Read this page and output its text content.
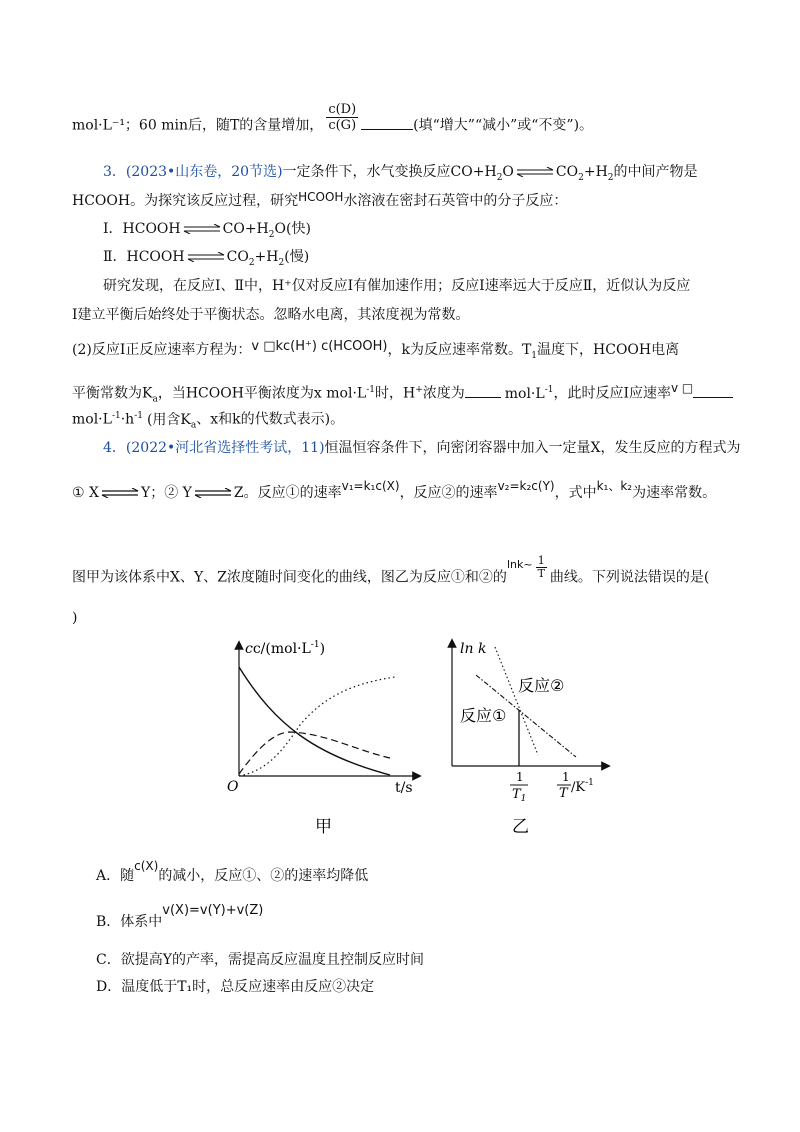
mol·L⁻¹；60 min后，随T的含量增加， $\frac{c(D)}{c(G)}$	(填“增大”“减小”或“不变”)。
3．(2023•山东卷，20节选)一定条件下，水气变换反应$CO+H_2O$ ⇌ $CO_2+H_2$的中间产物是
HCOOH。为探究该反应过程，研究HCOOH水溶液在密封石英管中的分子反应：
Ⅰ．HCOOH ⇌ $CO+H_2O$(快)
Ⅱ．HCOOH ⇌ $CO_2+H_2$(慢)
研究发现，在反应Ⅰ、Ⅱ中，H⁺仅对反应Ⅰ有催加速作用；反应Ⅰ速率远大于反应Ⅱ，近似认为反应
Ⅰ建立平衡后始终处于平衡状态。忽略水电离，其浓度视为常数。
(2)反应Ⅰ正反应速率方程为：v □kc(H⁺) c(HCOOH)，k为反应速率常数。$T_1$温度下，HCOOH电离
平衡常数为$K_a$，当HCOOH平衡浓度为x $mol\cdot L^{-1}$时，H+浓度为	$mol\cdot L^{-1}$，此时反应Ⅰ应速率v □
$mol\cdot L^{-1}\cdot h^{-1}$ (用含$K_a$、x和k的代数式表示)。
4．(2022•河北省选择性考试，11)恒温恒容条件下，向密闭容器中加入一定量X，发生反应的方程式为
① X ⇌ Y；② Y ⇌ Z。反应①的速率v₁=k₁c(X)，反应②的速率v₂=k₂c(Y)，式中k₁、k₂为速率常数。
图甲为该体系中X、Y、Z浓度随时间变化的曲线，图乙为反应①和②的$^{lnk\sim} \frac{1}{T}$ 曲线。下列说法错误的是(
)
$cc/(mol\cdot L^{-1})$
O	t/s
甲
ln k
反应②
反应①
1
$T_1$
1
T $/K^{-1}$
乙
A．随c(X)的减小，反应①、②的速率均降低
B．体系中v(X)=v(Y)+v(Z)
C．欲提高Y的产率，需提高反应温度且控制反应时间
D．温度低于T₁时，总反应速率由反应②决定
